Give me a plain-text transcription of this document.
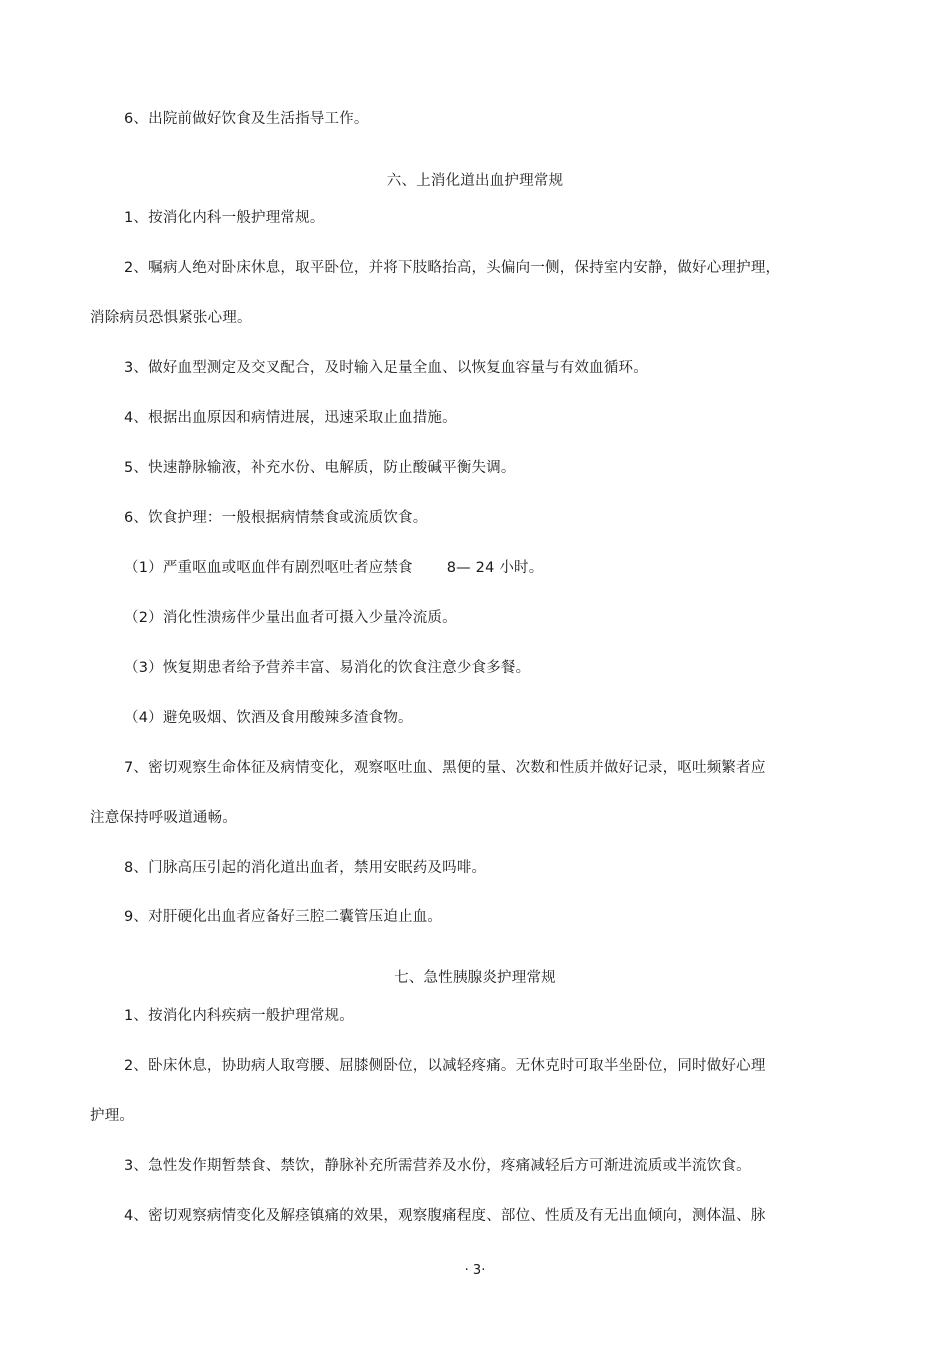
6、出院前做好饮食及生活指导工作。
六、上消化道出血护理常规
1、按消化内科一般护理常规。
2、嘱病人绝对卧床休息，取平卧位，并将下肢略抬高，头偏向一侧，保持室内安静，做好心理护理，
消除病员恐惧紧张心理。
3、做好血型测定及交叉配合，及时输入足量全血、以恢复血容量与有效血循环。
4、根据出血原因和病情进展，迅速采取止血措施。
5、快速静脉输液，补充水份、电解质，防止酸碱平衡失调。
6、饮食护理：一般根据病情禁食或流质饮食。
（1）严重呕血或呕血伴有剧烈呕吐者应禁食 8— 24 小时。
（2）消化性溃疡伴少量出血者可摄入少量冷流质。
（3）恢复期患者给予营养丰富、易消化的饮食注意少食多餐。
（4）避免吸烟、饮酒及食用酸辣多渣食物。
7、密切观察生命体征及病情变化，观察呕吐血、黑便的量、次数和性质并做好记录，呕吐频繁者应
注意保持呼吸道通畅。
8、门脉高压引起的消化道出血者，禁用安眠药及吗啡。
9、对肝硬化出血者应备好三腔二囊管压迫止血。
七、急性胰腺炎护理常规
1、按消化内科疾病一般护理常规。
2、卧床休息，协助病人取弯腰、屈膝侧卧位，以减轻疼痛。无休克时可取半坐卧位，同时做好心理
护理。
3、急性发作期暂禁食、禁饮，静脉补充所需营养及水份，疼痛减轻后方可渐进流质或半流饮食。
4、密切观察病情变化及解痉镇痛的效果，观察腹痛程度、部位、性质及有无出血倾向，测体温、脉
· 3·
